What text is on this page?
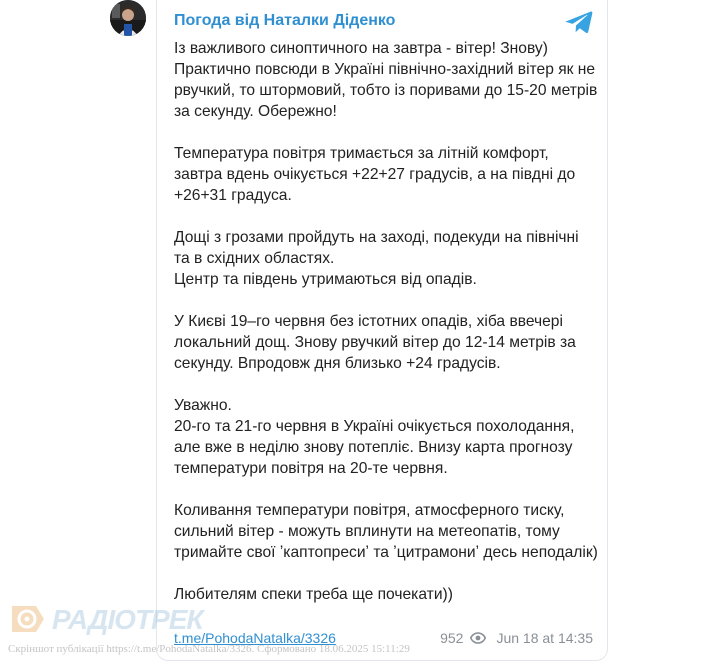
Погода від Наталки Діденко

Із важливого синоптичного на завтра - вітер! Знову)
Практично повсюди в Україні північно-західний вітер як не рвучкий, то штормовий, тобто із поривами до 15-20 метрів за секунду. Обережно!

Температура повітря тримається за літній комфорт, завтра вдень очікується +22+27 градусів, а на півдні до +26+31 градуса.

Дощі з грозами пройдуть на заході, подекуди на північні та в східних областях.
Центр та південь утримаються від опадів.

У Києві 19–го червня без істотних опадів, хіба ввечері локальний дощ. Знову рвучкий вітер до 12-14 метрів за секунду. Впродовж дня близько +24 градусів.

Уважно.
20-го та 21-го червня в Україні очікується похолодання, але вже в неділю знову потепліє. Внизу карта прогнозу температури повітря на 20-те червня.

Коливання температури повітря, атмосферного тиску, сильний вітер - можуть вплинути на метеопатів, тому тримайте свої ʼкаптопресиʼ та ʼцитрамониʼ десь неподалік)

Любителям спеки треба ще почекати))

t.me/PohodaNatalka/3326	952 Jun 18 at 14:35
РАДІОТРЕК
Скріншот публікації https://t.me/PohodaNatalka/3326. Сформовано 18.06.2025 15:11:29
